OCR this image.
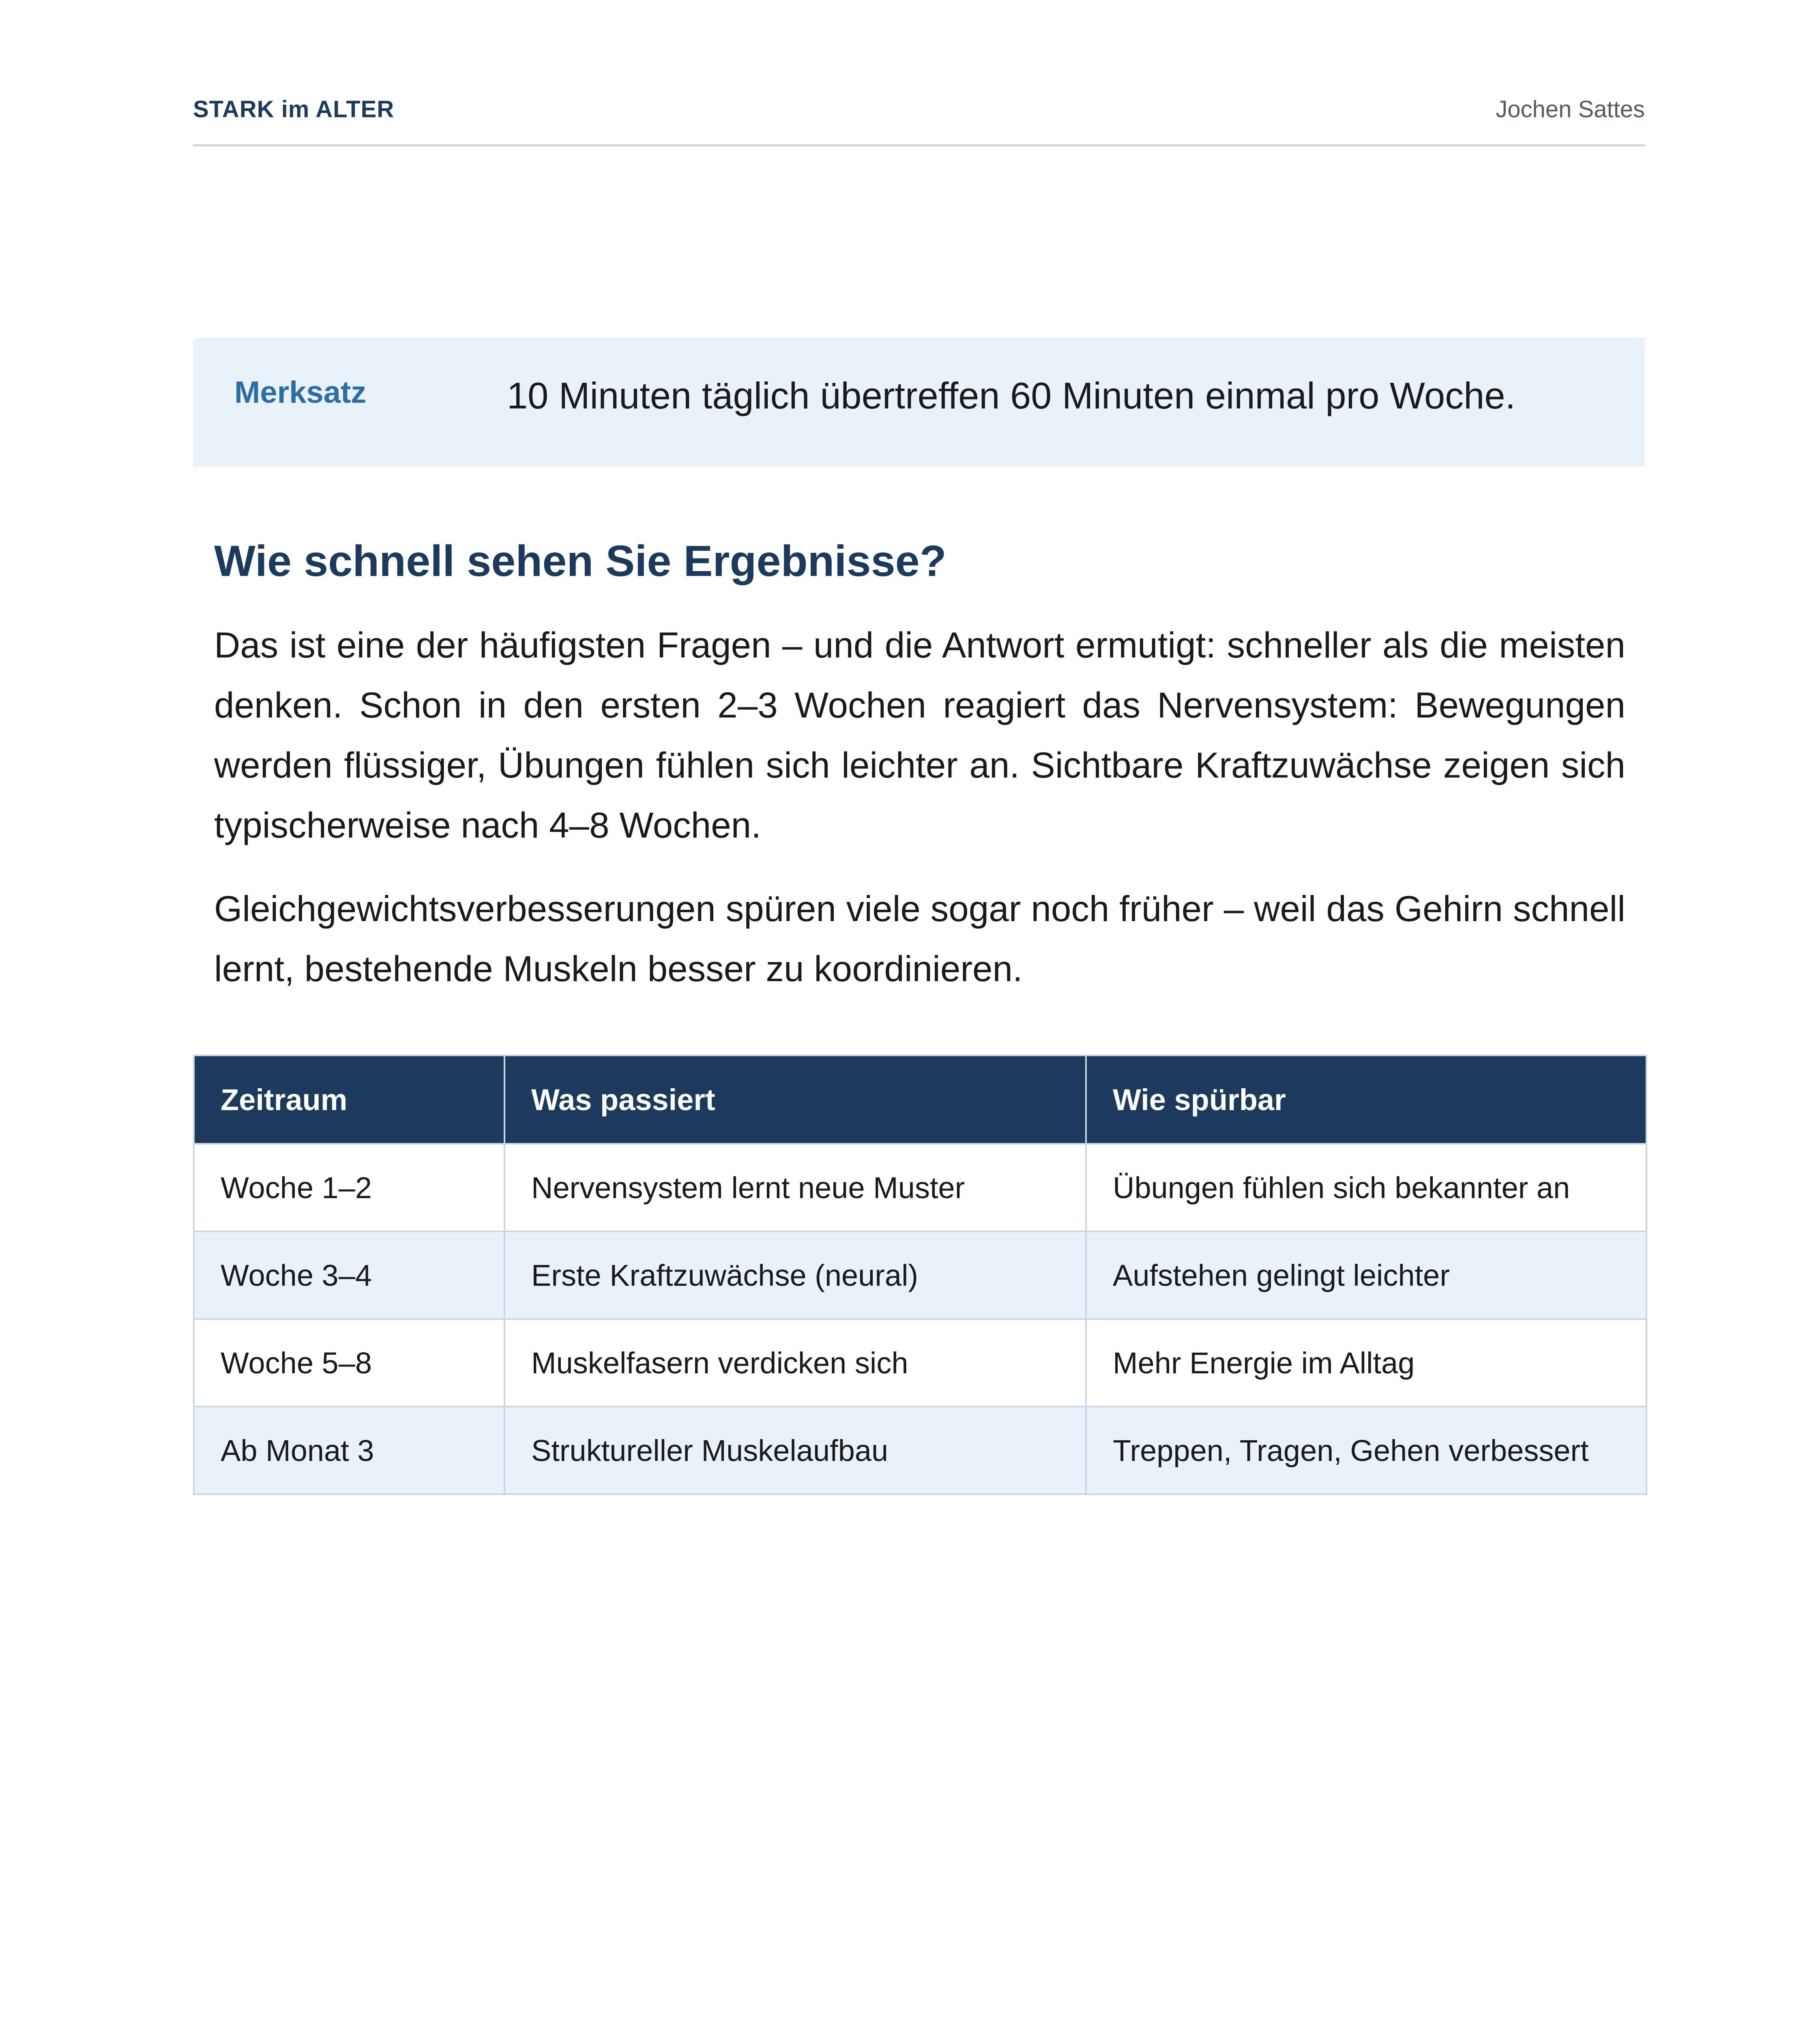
STARK im ALTER	Jochen Sattes
Merksatz	10 Minuten täglich übertreffen 60 Minuten einmal pro Woche.
Wie schnell sehen Sie Ergebnisse?

Das ist eine der häufigsten Fragen – und die Antwort ermutigt: schneller als die meisten denken. Schon in den ersten 2–3 Wochen reagiert das Nervensystem: Bewegungen werden flüssiger, Übungen fühlen sich leichter an. Sichtbare Kraftzuwächse zeigen sich typischerweise nach 4–8 Wochen.

Gleichgewichtsverbesserungen spüren viele sogar noch früher – weil das Gehirn schnell lernt, bestehende Muskeln besser zu koordinieren.

Zeitraum	Was passiert	Wie spürbar
Woche 1–2	Nervensystem lernt neue Muster	Übungen fühlen sich bekannter an
Woche 3–4	Erste Kraftzuwächse (neural)	Aufstehen gelingt leichter
Woche 5–8	Muskelfasern verdicken sich	Mehr Energie im Alltag
Ab Monat 3	Struktureller Muskelaufbau	Treppen, Tragen, Gehen verbessert
